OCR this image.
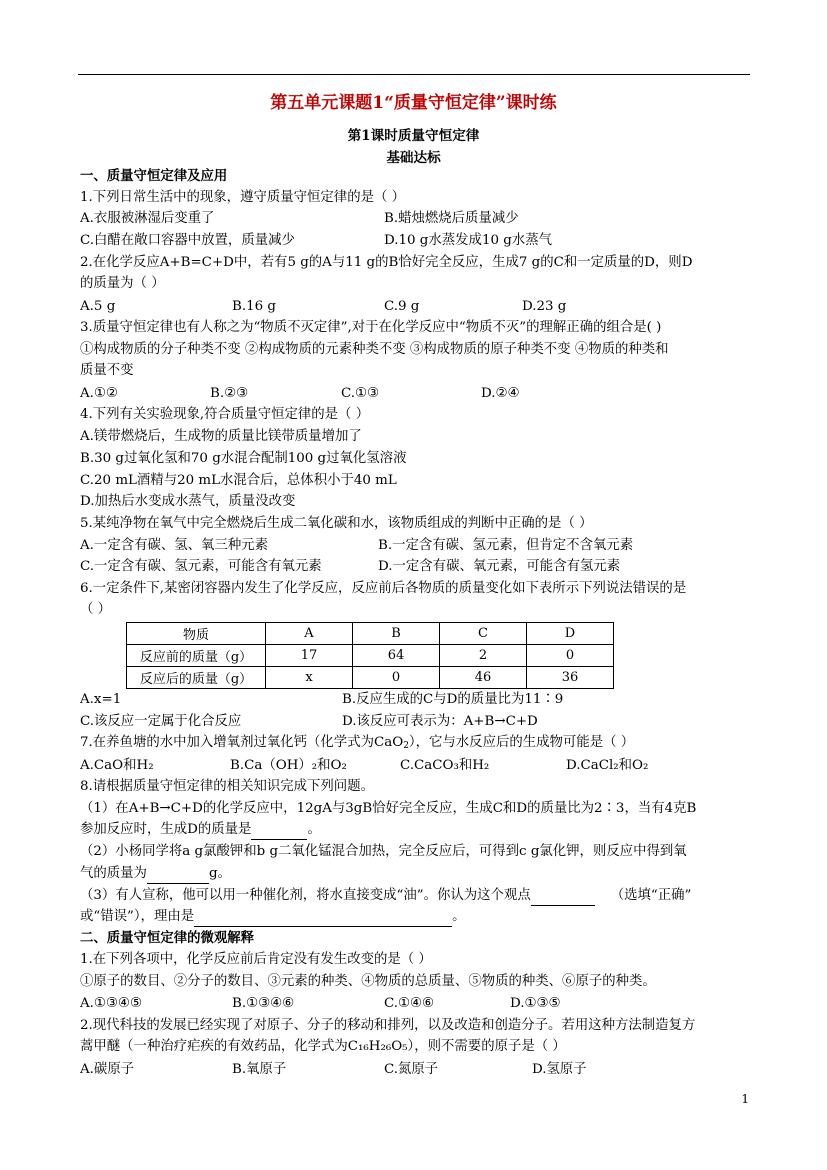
第五单元课题1“质量守恒定律”课时练
第1课时质量守恒定律
基础达标
一、质量守恒定律及应用
1.下列日常生活中的现象，遵守质量守恒定律的是（ ）
A.衣服被淋湿后变重了	B.蜡烛燃烧后质量减少
C.白醋在敞口容器中放置，质量减少	D.10 g水蒸发成10 g水蒸气
2.在化学反应A+B=C+D中，若有5 g的A与11 g的B恰好完全反应，生成7 g的C和一定质量的D，则D
的质量为（ ）
A.5 g	B.16 g	C.9 g	D.23 g
3.质量守恒定律也有人称之为“物质不灭定律”,对于在化学反应中“物质不灭”的理解正确的组合是( )
①构成物质的分子种类不变 ②构成物质的元素种类不变 ③构成物质的原子种类不变 ④物质的种类和
质量不变
A.①②	B.②③	C.①③	D.②④
4.下列有关实验现象,符合质量守恒定律的是（ ）
A.镁带燃烧后，生成物的质量比镁带质量增加了
B.30 g过氧化氢和70 g水混合配制100 g过氧化氢溶液
C.20 mL酒精与20 mL水混合后，总体积小于40 mL
D.加热后水变成水蒸气，质量没改变
5.某纯净物在氧气中完全燃烧后生成二氧化碳和水，该物质组成的判断中正确的是（ ）
A.一定含有碳、氢、氧三种元素	B.一定含有碳、氢元素，但肯定不含氧元素
C.一定含有碳、氢元素，可能含有氧元素	D.一定含有碳、氧元素，可能含有氢元素
6.一定条件下,某密闭容器内发生了化学反应，反应前后各物质的质量变化如下表所示下列说法错误的是
（ ）
物质	A	B	C	D
反应前的质量（g）	17	64	2	0
反应后的质量（g）	x	0	46	36
A.x=1	B.反应生成的C与D的质量比为11∶9
C.该反应一定属于化合反应	D.该反应可表示为：A+B→C+D
7.在养鱼塘的水中加入增氧剂过氧化钙（化学式为CaO$_2$），它与水反应后的生成物可能是（ ）
A.CaO和H₂	B.Ca（OH）₂和O₂	C.CaCO₃和H₂	D.CaCl₂和O₂
8.请根据质量守恒定律的相关知识完成下列问题。
（1）在A+B→C+D的化学反应中，12gA与3gB恰好完全反应，生成C和D的质量比为2∶3，当有4克B
参加反应时，生成D的质量是	。
（2）小杨同学将a g氯酸钾和b g二氧化锰混合加热，完全反应后，可得到c g氯化钾，则反应中得到氧
气的质量为	g。
（3）有人宣称，他可以用一种催化剂，将水直接变成“油”。你认为这个观点	（选填“正确”
或“错误”），理由是	。
二、质量守恒定律的微观解释
1.在下列各项中，化学反应前后肯定没有发生改变的是（ ）
①原子的数目、②分子的数目、③元素的种类、④物质的总质量、⑤物质的种类、⑥原子的种类。
A.①③④⑤	B.①③④⑥	C.①④⑥	D.①③⑤
2.现代科技的发展已经实现了对原子、分子的移动和排列，以及改造和创造分子。若用这种方法制造复方
蒿甲醚（一种治疗疟疾的有效药品，化学式为C₁₆H₂₆O₅），则不需要的原子是（ ）
A.碳原子	B.氧原子	C.氮原子	D.氢原子
1
